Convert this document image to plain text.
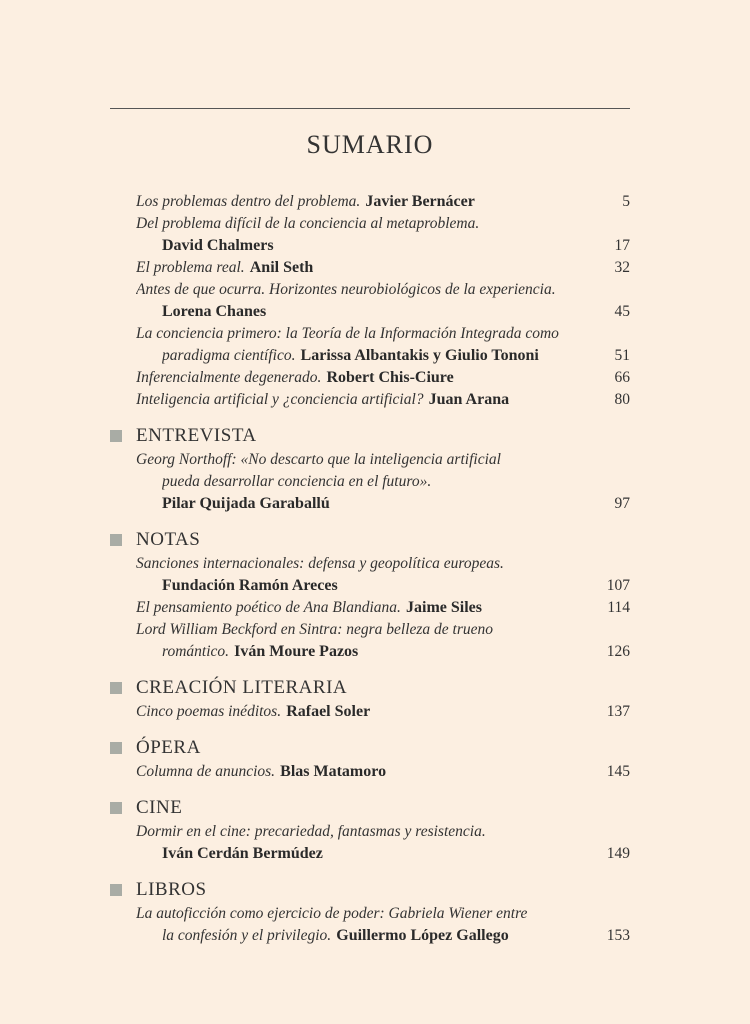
SUMARIO
Los problemas dentro del problema. Javier Bernácer	5
Del problema difícil de la conciencia al metaproblema.
David Chalmers	17
El problema real. Anil Seth	32
Antes de que ocurra. Horizontes neurobiológicos de la experiencia.
Lorena Chanes	45
La conciencia primero: la Teoría de la Información Integrada como
paradigma científico. Larissa Albantakis y Giulio Tononi	51
Inferencialmente degenerado. Robert Chis-Ciure	66
Inteligencia artificial y ¿conciencia artificial? Juan Arana	80
ENTREVISTA
Georg Northoff: «No descarto que la inteligencia artificial
pueda desarrollar conciencia en el futuro».
Pilar Quijada Garaballú	97
NOTAS
Sanciones internacionales: defensa y geopolítica europeas.
Fundación Ramón Areces	107
El pensamiento poético de Ana Blandiana. Jaime Siles	114
Lord William Beckford en Sintra: negra belleza de trueno
romántico. Iván Moure Pazos	126
CREACIÓN LITERARIA
Cinco poemas inéditos. Rafael Soler	137
ÓPERA
Columna de anuncios. Blas Matamoro	145
CINE
Dormir en el cine: precariedad, fantasmas y resistencia.
Iván Cerdán Bermúdez	149
LIBROS
La autoficción como ejercicio de poder: Gabriela Wiener entre
la confesión y el privilegio. Guillermo López Gallego	153
